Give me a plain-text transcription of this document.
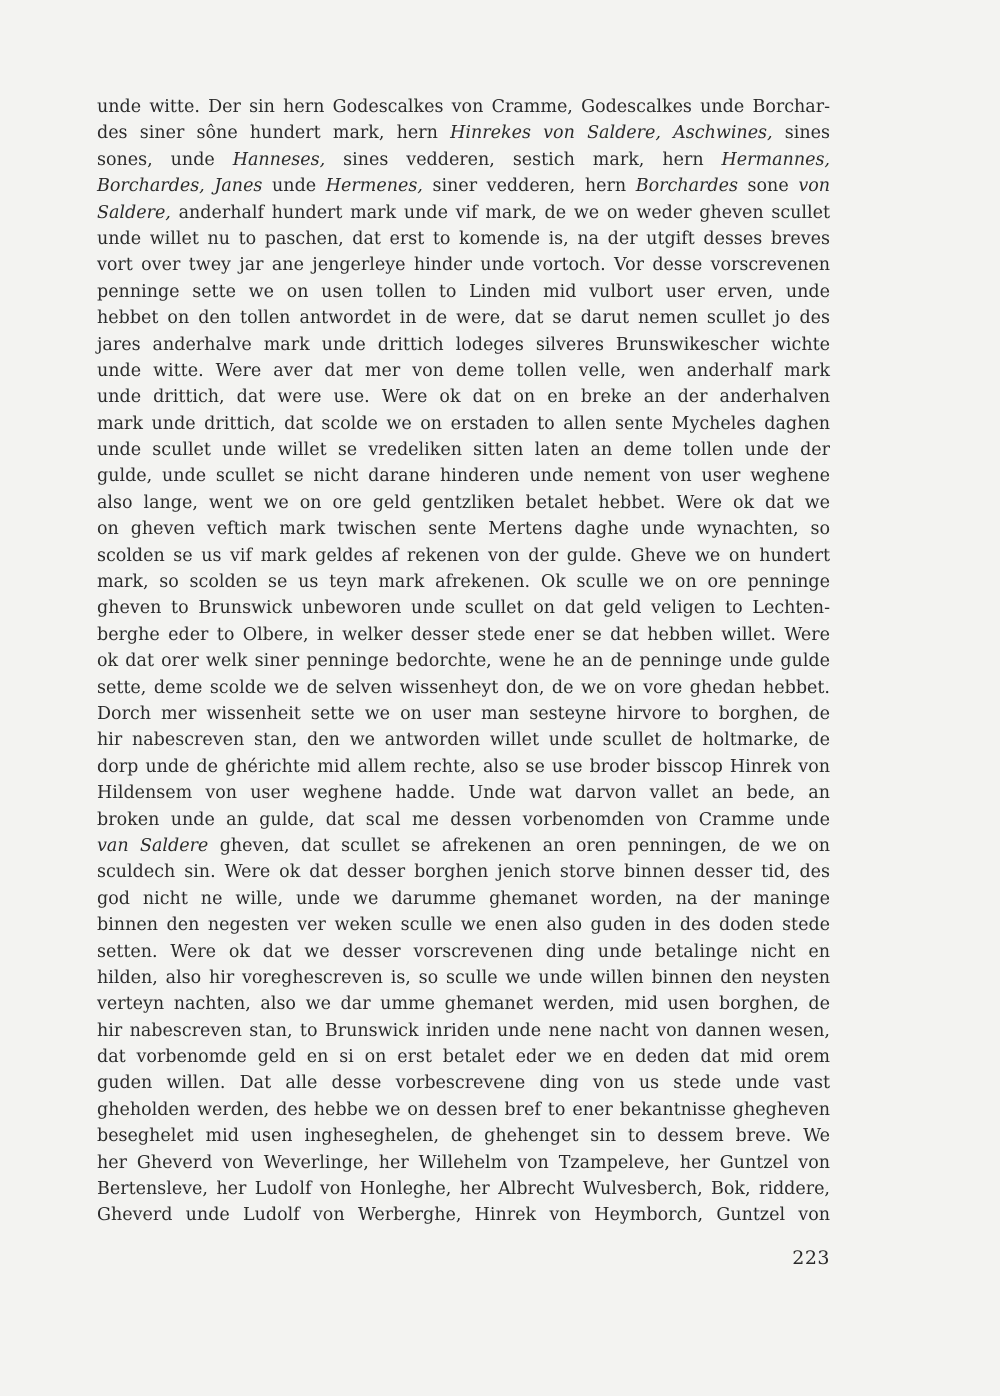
unde witte. Der sin hern Godescalkes von Cramme, Godescalkes unde Borchar-
des siner sône hundert mark, hern Hinrekes von Saldere, Aschwines, sines
sones, unde Hanneses, sines vedderen, sestich mark, hern Hermannes,
Borchardes, Janes unde Hermenes, siner vedderen, hern Borchardes sone von
Saldere, anderhalf hundert mark unde vif mark, de we on weder gheven scullet
unde willet nu to paschen, dat erst to komende is, na der utgift desses breves
vort over twey jar ane jengerleye hinder unde vortoch. Vor desse vorscrevenen
penninge sette we on usen tollen to Linden mid vulbort user erven, unde
hebbet on den tollen antwordet in de were, dat se darut nemen scullet jo des
jares anderhalve mark unde drittich lodeges silveres Brunswikescher wichte
unde witte. Were aver dat mer von deme tollen velle, wen anderhalf mark
unde drittich, dat were use. Were ok dat on en breke an der anderhalven
mark unde drittich, dat scolde we on erstaden to allen sente Mycheles daghen
unde scullet unde willet se vredeliken sitten laten an deme tollen unde der
gulde, unde scullet se nicht darane hinderen unde nement von user weghene
also lange, went we on ore geld gentzliken betalet hebbet. Were ok dat we
on gheven veftich mark twischen sente Mertens daghe unde wynachten, so
scolden se us vif mark geldes af rekenen von der gulde. Gheve we on hundert
mark, so scolden se us teyn mark afrekenen. Ok sculle we on ore penninge
gheven to Brunswick unbeworen unde scullet on dat geld veligen to Lechten-
berghe eder to Olbere, in welker desser stede ener se dat hebben willet. Were
ok dat orer welk siner penninge bedorchte, wene he an de penninge unde gulde
sette, deme scolde we de selven wissenheyt don, de we on vore ghedan hebbet.
Dorch mer wissenheit sette we on user man sesteyne hirvore to borghen, de
hir nabescreven stan, den we antworden willet unde scullet de holtmarke, de
dorp unde de ghérichte mid allem rechte, also se use broder bisscop Hinrek von
Hildensem von user weghene hadde. Unde wat darvon vallet an bede, an
broken unde an gulde, dat scal me dessen vorbenomden von Cramme unde
van Saldere gheven, dat scullet se afrekenen an oren penningen, de we on
sculdech sin. Were ok dat desser borghen jenich storve binnen desser tid, des
god nicht ne wille, unde we darumme ghemanet worden, na der maninge
binnen den negesten ver weken sculle we enen also guden in des doden stede
setten. Were ok dat we desser vorscrevenen ding unde betalinge nicht en
hilden, also hir voreghescreven is, so sculle we unde willen binnen den neysten
verteyn nachten, also we dar umme ghemanet werden, mid usen borghen, de
hir nabescreven stan, to Brunswick inriden unde nene nacht von dannen wesen,
dat vorbenomde geld en si on erst betalet eder we en deden dat mid orem
guden willen. Dat alle desse vorbescrevene ding von us stede unde vast
gheholden werden, des hebbe we on dessen bref to ener bekantnisse ghegheven
beseghelet mid usen ingheseghelen, de ghehenget sin to dessem breve. We
her Gheverd von Weverlinge, her Willehelm von Tzampeleve, her Guntzel von
Bertensleve, her Ludolf von Honleghe, her Albrecht Wulvesberch, Bok, riddere,
Gheverd unde Ludolf von Werberghe, Hinrek von Heymborch, Guntzel von
223
